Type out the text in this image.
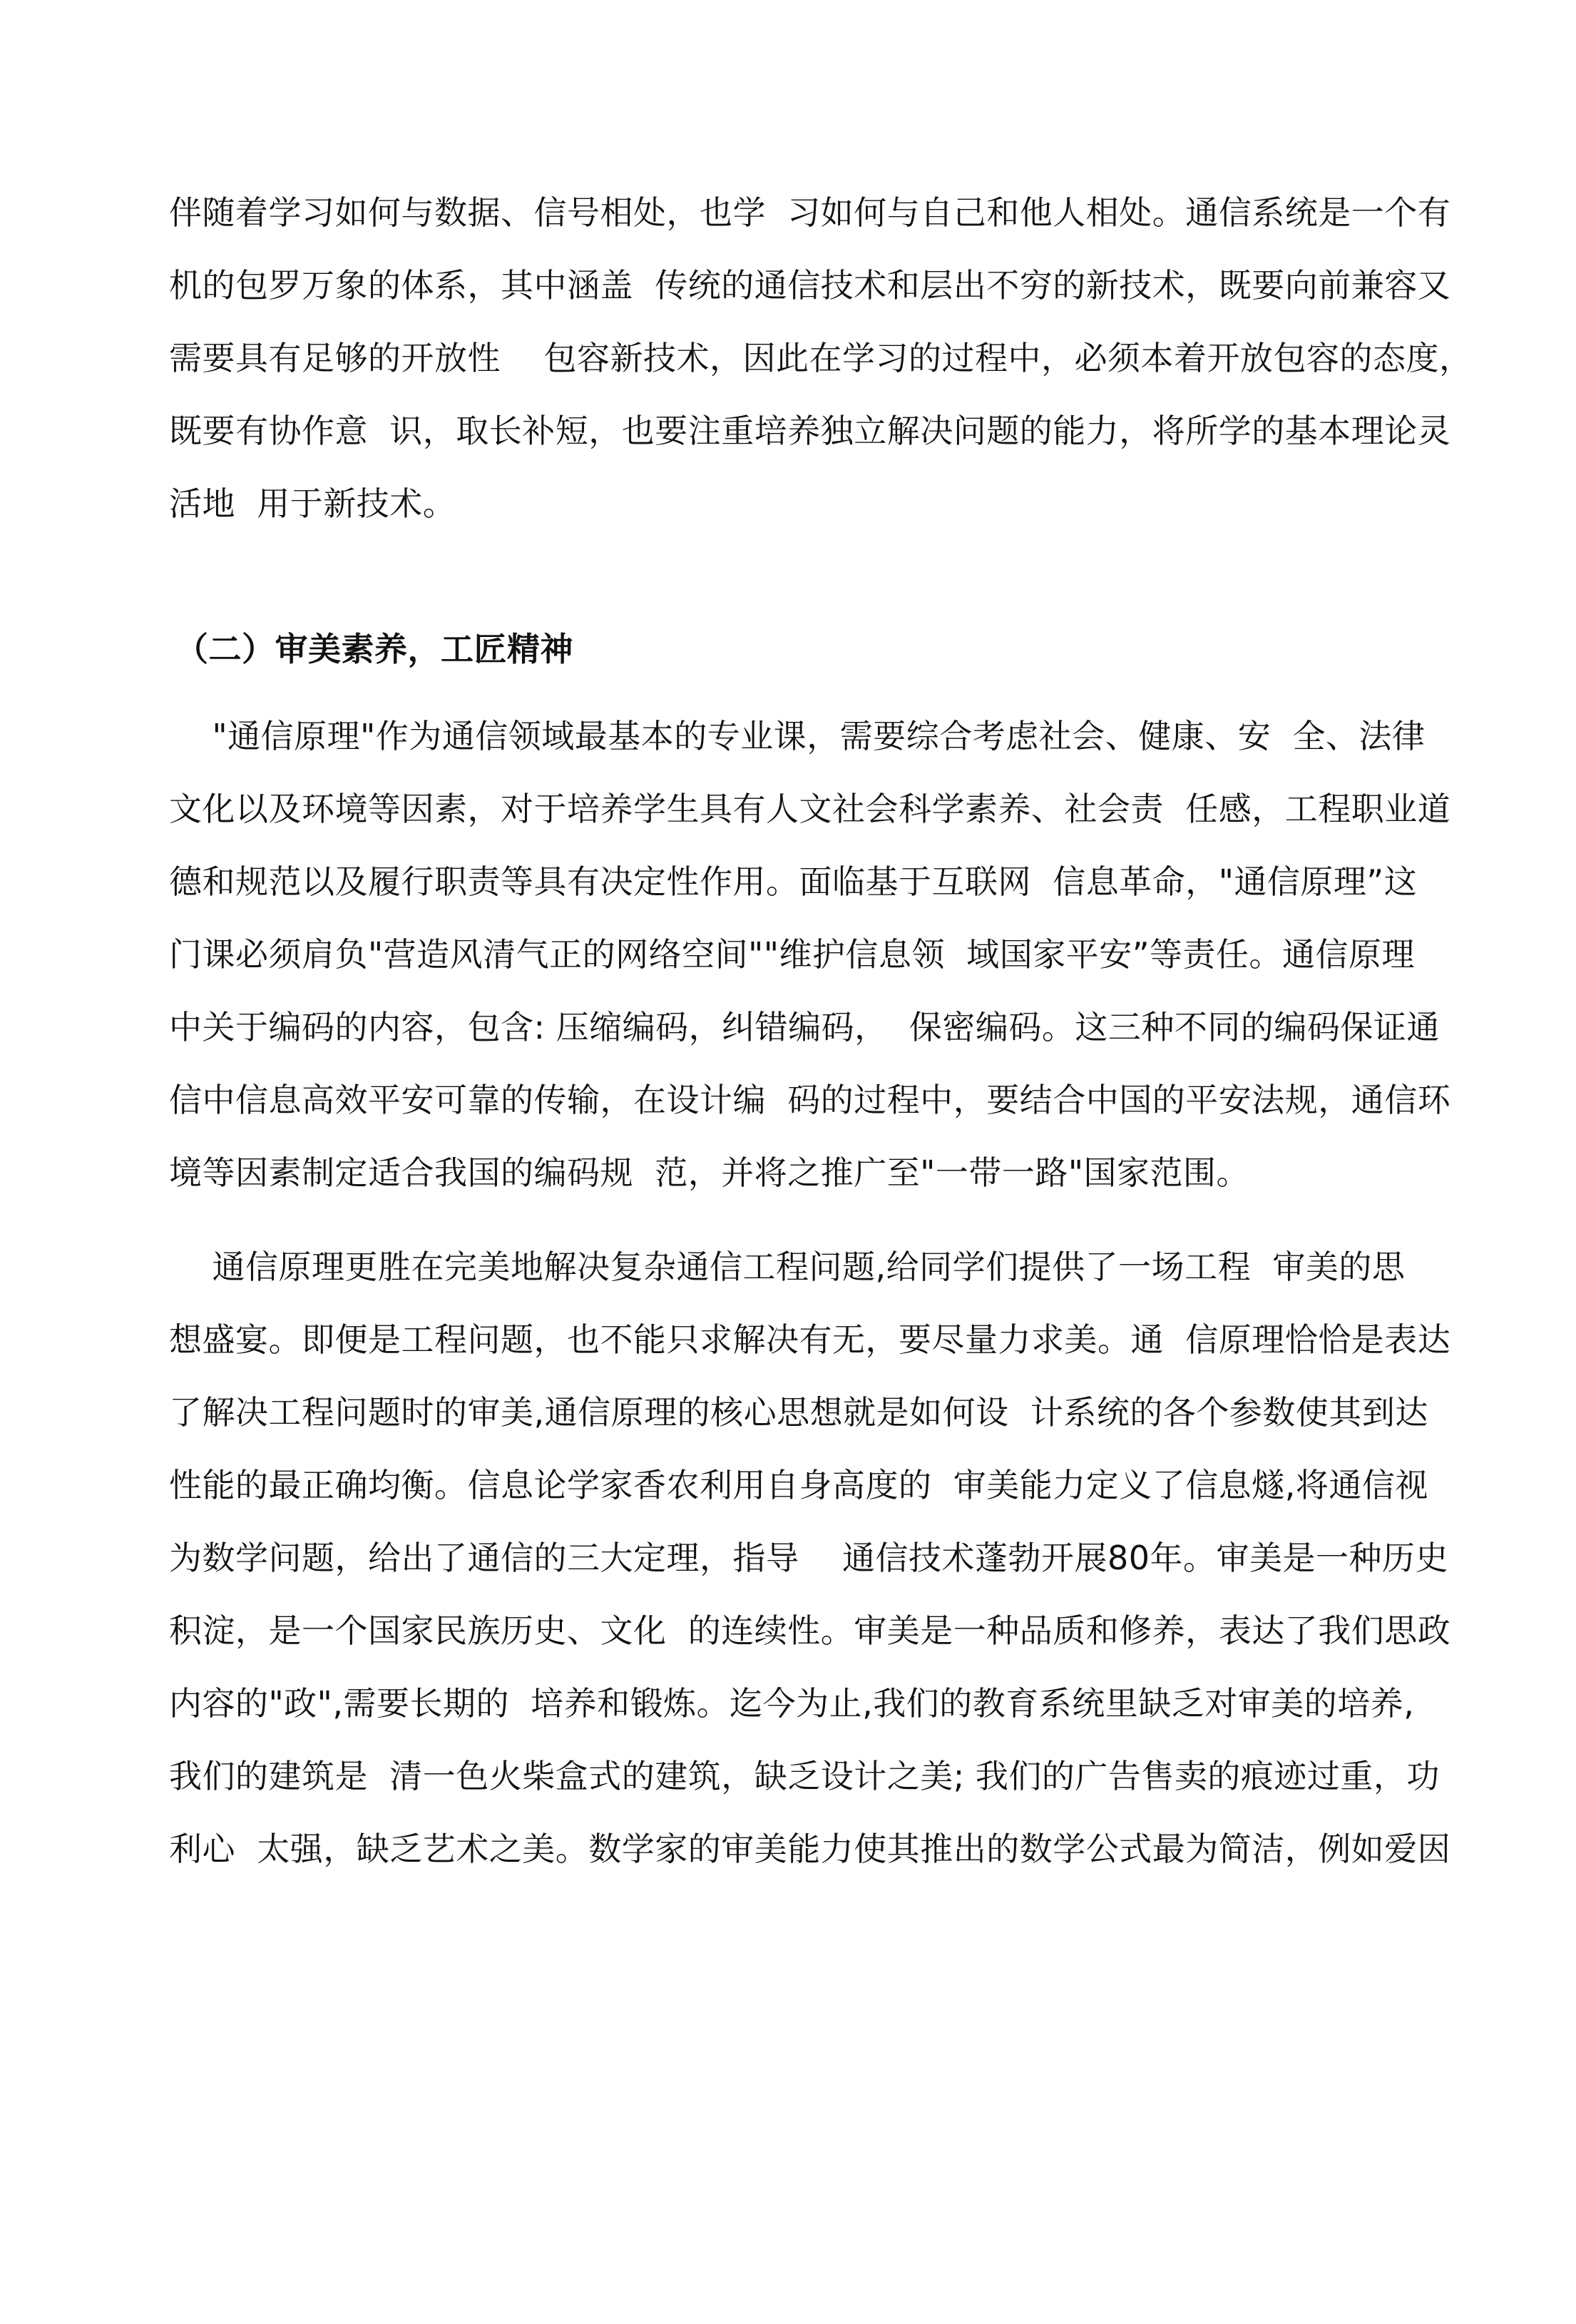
伴随着学习如何与数据、信号相处，也学  习如何与自己和他人相处。通信系统是一个有
机的包罗万象的体系，其中涵盖  传统的通信技术和层出不穷的新技术，既要向前兼容又
需要具有足够的开放性    包容新技术，因此在学习的过程中，必须本着开放包容的态度，
既要有协作意  识，取长补短，也要注重培养独立解决问题的能力，将所学的基本理论灵
活地  用于新技术。
（二）审美素养，工匠精神
"通信原理"作为通信领域最基本的专业课，需要综合考虑社会、健康、安  全、法律
文化以及环境等因素，对于培养学生具有人文社会科学素养、社会责  任感，工程职业道
德和规范以及履行职责等具有决定性作用。面临基于互联网  信息革命，"通信原理”这
门课必须肩负"营造风清气正的网络空间""维护信息领  域国家平安”等责任。通信原理
中关于编码的内容，包含: 压缩编码，纠错编码，  保密编码。这三种不同的编码保证通
信中信息高效平安可靠的传输，在设计编  码的过程中，要结合中国的平安法规，通信环
境等因素制定适合我国的编码规  范，并将之推广至"一带一路"国家范围。
通信原理更胜在完美地解决复杂通信工程问题,给同学们提供了一场工程  审美的思
想盛宴。即便是工程问题，也不能只求解决有无，要尽量力求美。通  信原理恰恰是表达
了解决工程问题时的审美,通信原理的核心思想就是如何设  计系统的各个参数使其到达
性能的最正确均衡。信息论学家香农利用自身高度的  审美能力定义了信息燧,将通信视
为数学问题，给出了通信的三大定理，指导    通信技术蓬勃开展80年。审美是一种历史
积淀，是一个国家民族历史、文化  的连续性。审美是一种品质和修养，表达了我们思政
内容的"政",需要长期的  培养和锻炼。迄今为止,我们的教育系统里缺乏对审美的培养,
我们的建筑是  清一色火柴盒式的建筑，缺乏设计之美; 我们的广告售卖的痕迹过重，功
利心  太强，缺乏艺术之美。数学家的审美能力使其推出的数学公式最为简洁，例如爱因
